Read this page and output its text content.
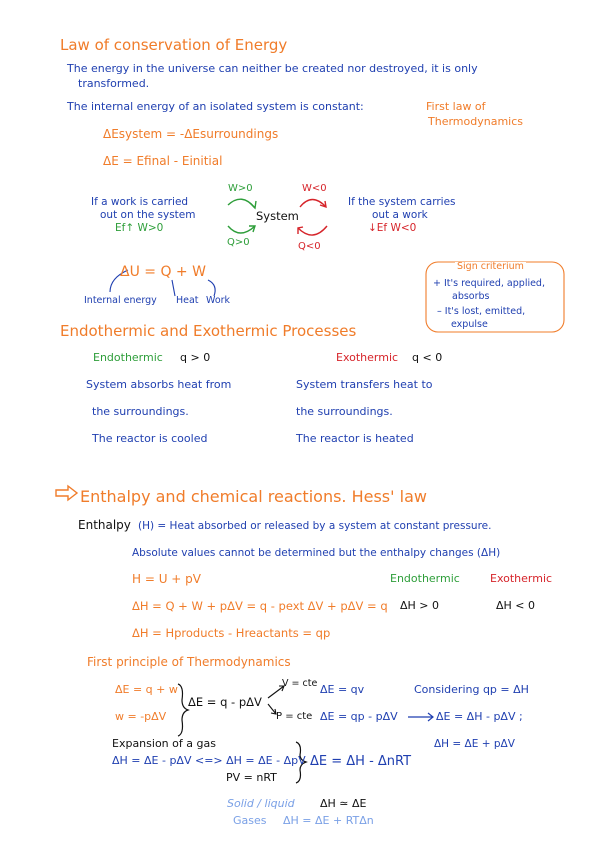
Law of conservation of Energy
The energy in the universe can neither be created nor destroyed, it is only
transformed.
The internal energy of an isolated system is constant:	First law of
Thermodynamics
ΔEsystem = -ΔEsurroundings
ΔE = Efinal - Einitial
If a work is carried
out on the system
Ef↑ W>0
W>0
System
Q>0
W<0
Q<0
If the system carries
out a work
↓Ef W<0
ΔU = Q + W
Internal energy Heat Work
Sign criterium
+ It's required, applied,
absorbs
– It's lost, emitted,
expulse
Endothermic and Exothermic Processes
Endothermic q > 0	Exothermic q < 0
System absorbs heat from
the surroundings.
The reactor is cooled
System transfers heat to
the surroundings.
The reactor is heated
Enthalpy and chemical reactions. Hess' law
Enthalpy (H) = Heat absorbed or released by a system at constant pressure.
Absolute values cannot be determined but the enthalpy changes (ΔH)
H = U + pV	Endothermic	Exothermic
ΔH = Q + W + pΔV = q - pext ΔV + pΔV = q ΔH > 0	ΔH < 0
ΔH = Hproducts - Hreactants = qp
First principle of Thermodynamics
ΔE = q + w
w = -pΔV
ΔE = q - pΔV
V = cte ΔE = qv
P = cte ΔE = qp - pΔV
Considering qp = ΔH
ΔE = ΔH - pΔV ;
Expansion of a gas	ΔH = ΔE + pΔV
ΔH = ΔE - pΔV <=> ΔH = ΔE - ΔpV
PV = nRT
ΔE = ΔH - ΔnRT
Solid / liquid ΔH ≃ ΔE
Gases ΔH = ΔE + RTΔn
